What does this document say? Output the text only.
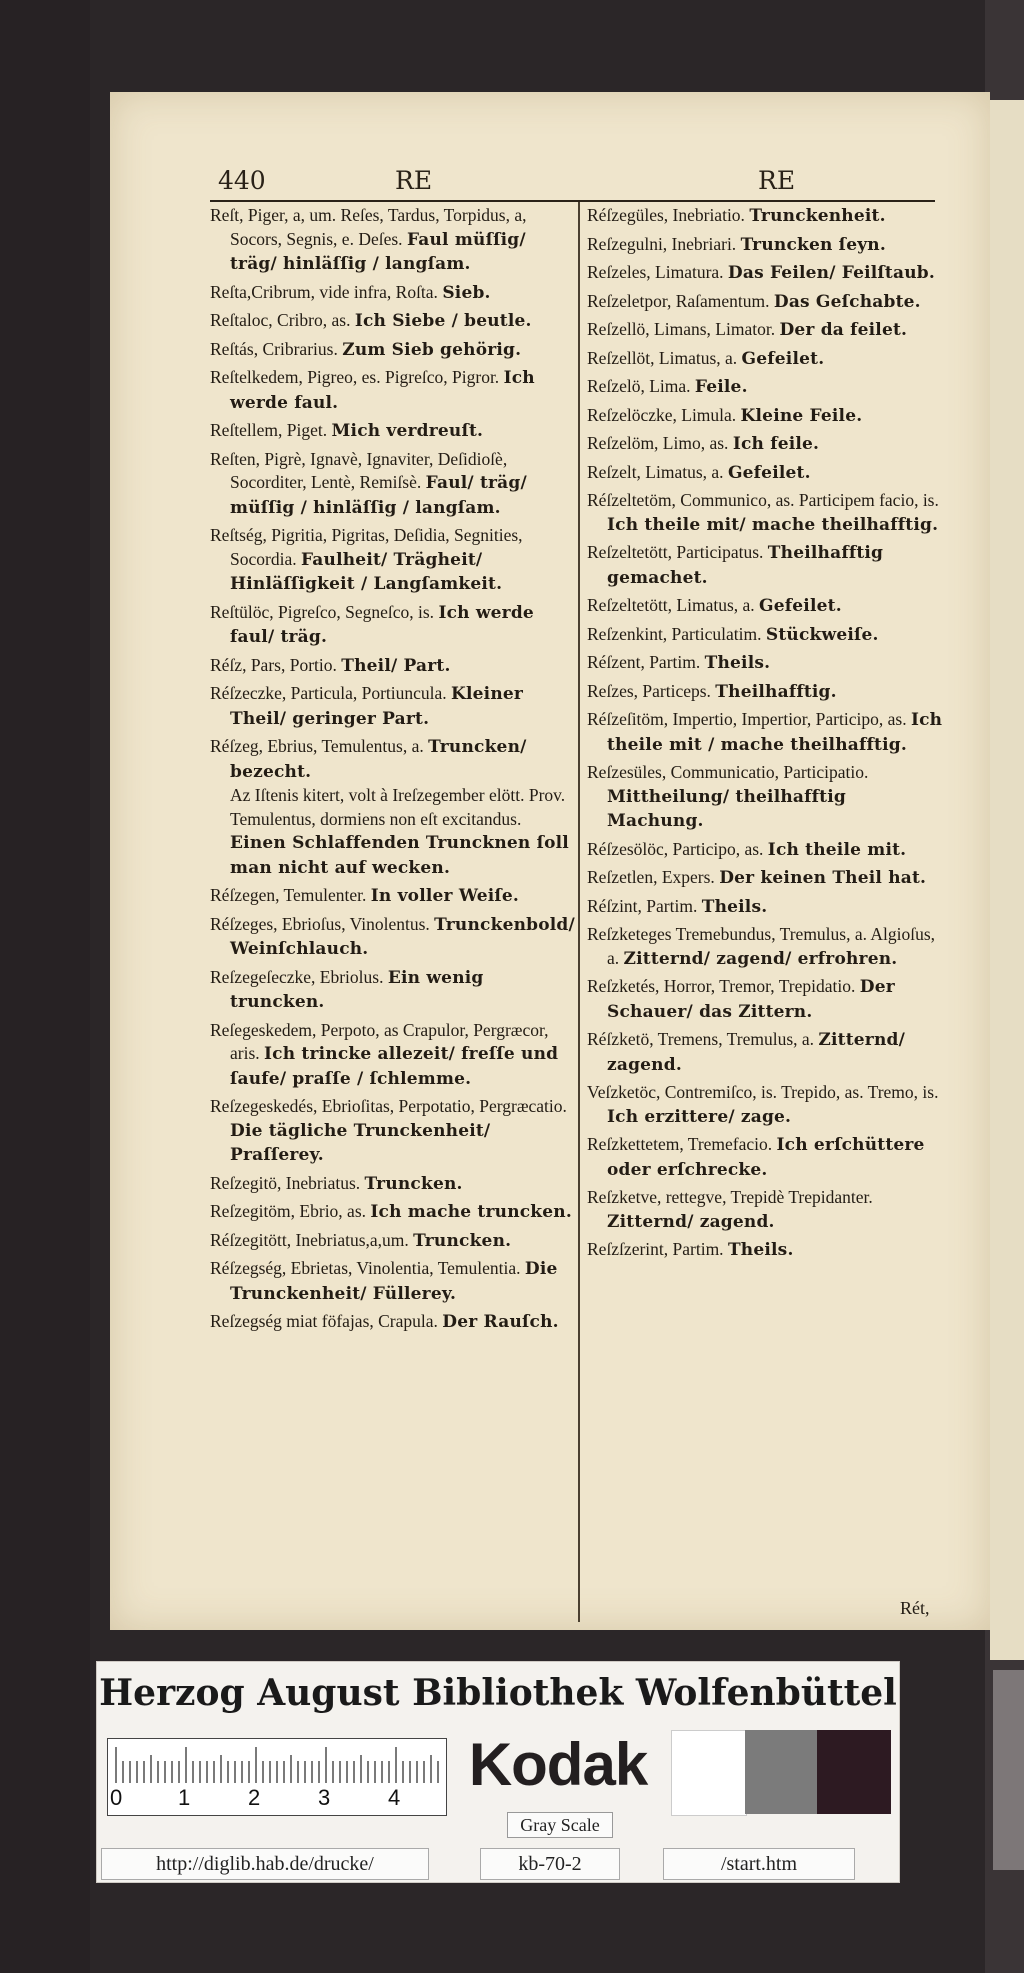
440	RE	RE
Reſt, Piger, a, um. Reſes, Tardus, Torpidus, a, Socors, Segnis, e. Deſes. Faul müſſig/ träg/ hinläſſig / langſam.
Reſta,Cribrum, vide infra, Roſta. Sieb.
Reſtaloc, Cribro, as. Ich Siebe / beutle.
Reſtás, Cribrarius. Zum Sieb gehörig.
Reſtelkedem, Pigreo, es. Pigreſco, Pigror. Ich werde faul.
Reſtellem, Piget. Mich verdreuſt.
Reſten, Pigrè, Ignavè, Ignaviter, Deſidioſè, Socorditer, Lentè, Remiſsè. Faul/ träg/ müſſig / hinläſſig / langſam.
Reſtség, Pigritia, Pigritas, Deſidia, Segnities, Socordia. Faulheit/ Trägheit/ Hinläſſigkeit / Langſamkeit.
Reſtülöc, Pigreſco, Segneſco, is. Ich werde faul/ träg.
Réſz, Pars, Portio. Theil/ Part.
Réſzeczke, Particula, Portiuncula. Kleiner Theil/ geringer Part.
Réſzeg, Ebrius, Temulentus, a. Truncken/ bezecht.
Az Iſtenis kitert, volt à Ireſzegember elött. Prov. Temulentus, dormiens non eſt excitandus. Einen Schlaffenden Truncknen ſoll man nicht auf wecken.
Réſzegen, Temulenter. In voller Weiſe.
Réſzeges, Ebrioſus, Vinolentus. Trunckenbold/ Weinſchlauch.
Reſzegeſeczke, Ebriolus. Ein wenig truncken.
Reſegeskedem, Perpoto, as Crapulor, Pergræcor, aris. Ich trincke allezeit/ freſſe und ſaufe/ praſſe / ſchlemme.
Reſzegeskedés, Ebrioſitas, Perpotatio, Pergræcatio. Die tägliche Trunckenheit/ Praſſerey.
Reſzegitö, Inebriatus. Truncken.
Reſzegitöm, Ebrio, as. Ich mache truncken.
Réſzegitött, Inebriatus,a,um. Truncken.
Réſzegség, Ebrietas, Vinolentia, Temulentia. Die Trunckenheit/ Füllerey.
Reſzegség miat föfajas, Crapula. Der Rauſch.
Réſzegüles, Inebriatio. Trunckenheit.
Reſzegulni, Inebriari. Truncken ſeyn.
Reſzeles, Limatura. Das Feilen/ Feilſtaub.
Reſzeletpor, Raſamentum. Das Geſchabte.
Reſzellö, Limans, Limator. Der da feilet.
Reſzellöt, Limatus, a. Gefeilet.
Reſzelö, Lima. Feile.
Reſzelöczke, Limula. Kleine Feile.
Reſzelöm, Limo, as. Ich feile.
Reſzelt, Limatus, a. Gefeilet.
Réſzeltetöm, Communico, as. Participem facio, is. Ich theile mit/ mache theilhafftig.
Reſzeltetött, Participatus. Theilhafftig gemachet.
Reſzeltetött, Limatus, a. Gefeilet.
Reſzenkint, Particulatim. Stückweiſe.
Réſzent, Partim. Theils.
Reſzes, Particeps. Theilhafftig.
Réſzeſitöm, Impertio, Impertior, Participo, as. Ich theile mit / mache theilhafftig.
Reſzesüles, Communicatio, Participatio. Mittheilung/ theilhafftig Machung.
Réſzesölöc, Participo, as. Ich theile mit.
Reſzetlen, Expers. Der keinen Theil hat.
Réſzint, Partim. Theils.
Reſzketeges Tremebundus, Tremulus, a. Algioſus, a. Zitternd/ zagend/ erfrohren.
Reſzketés, Horror, Tremor, Trepidatio. Der Schauer/ das Zittern.
Réſzketö, Tremens, Tremulus, a. Zitternd/ zagend.
Veſzketöc, Contremiſco, is. Trepido, as. Tremo, is. Ich erzittere/ zage.
Reſzkettetem, Tremefacio. Ich erſchüttere oder erſchrecke.
Reſzketve, rettegve, Trepidè Trepidanter. Zitternd/ zagend.
Reſzſzerint, Partim. Theils.
Rét,
Herzog August Bibliothek Wolfenbüttel
0	1	2	3	4 Kodak
Gray Scale
http://diglib.hab.de/drucke/	kb-70-2	/start.htm
